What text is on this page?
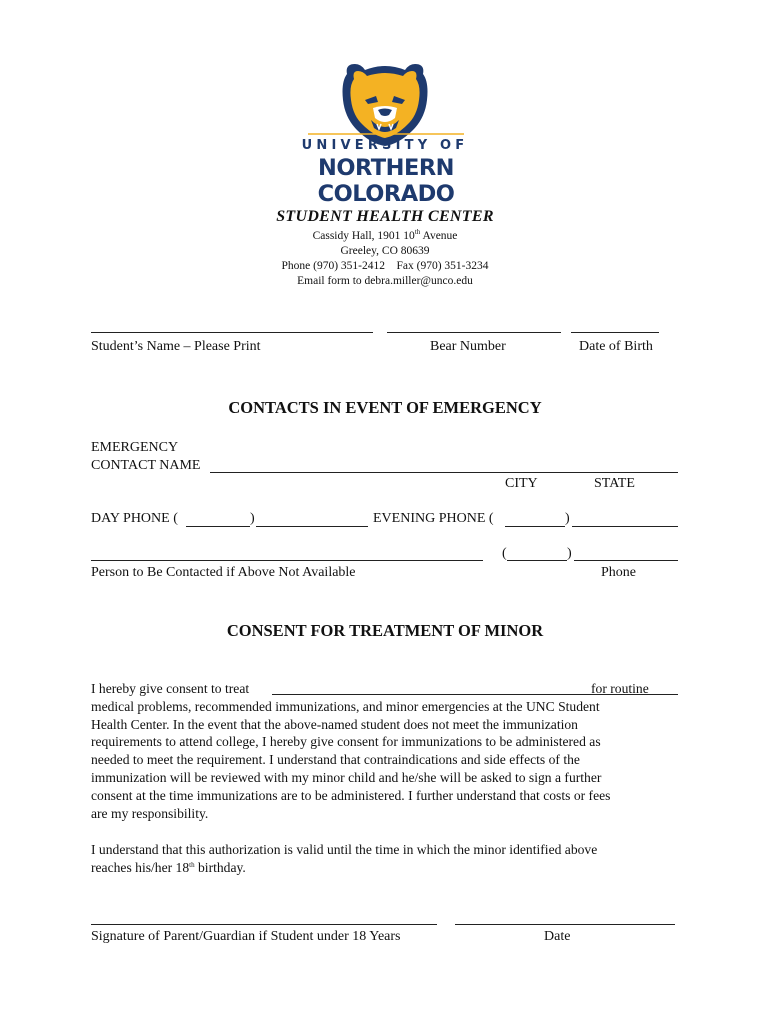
UNIVERSITY OF
NORTHERN COLORADO
STUDENT HEALTH CENTER
Cassidy Hall, 1901 10th Avenue
Greeley, CO 80639
Phone (970) 351-2412    Fax (970) 351-3234
Email form to debra.miller@unco.edu
Student’s Name – Please Print	Bear Number	Date of Birth
CONTACTS IN EVENT OF EMERGENCY
EMERGENCY
CONTACT NAME
CITY	STATE
DAY PHONE (	)	EVENING PHONE (	)
(	)
Person to Be Contacted if Above Not Available	Phone
CONSENT FOR TREATMENT OF MINOR
I hereby give consent to treat	for routine
medical problems, recommended immunizations, and minor emergencies at the UNC Student
Health Center. In the event that the above-named student does not meet the immunization
requirements to attend college, I hereby give consent for immunizations to be administered as
needed to meet the requirement. I understand that contraindications and side effects of the
immunization will be reviewed with my minor child and he/she will be asked to sign a further
consent at the time immunizations are to be administered. I further understand that costs or fees
are my responsibility.
I understand that this authorization is valid until the time in which the minor identified above
reaches his/her 18th birthday.
Signature of Parent/Guardian if Student under 18 Years	Date
